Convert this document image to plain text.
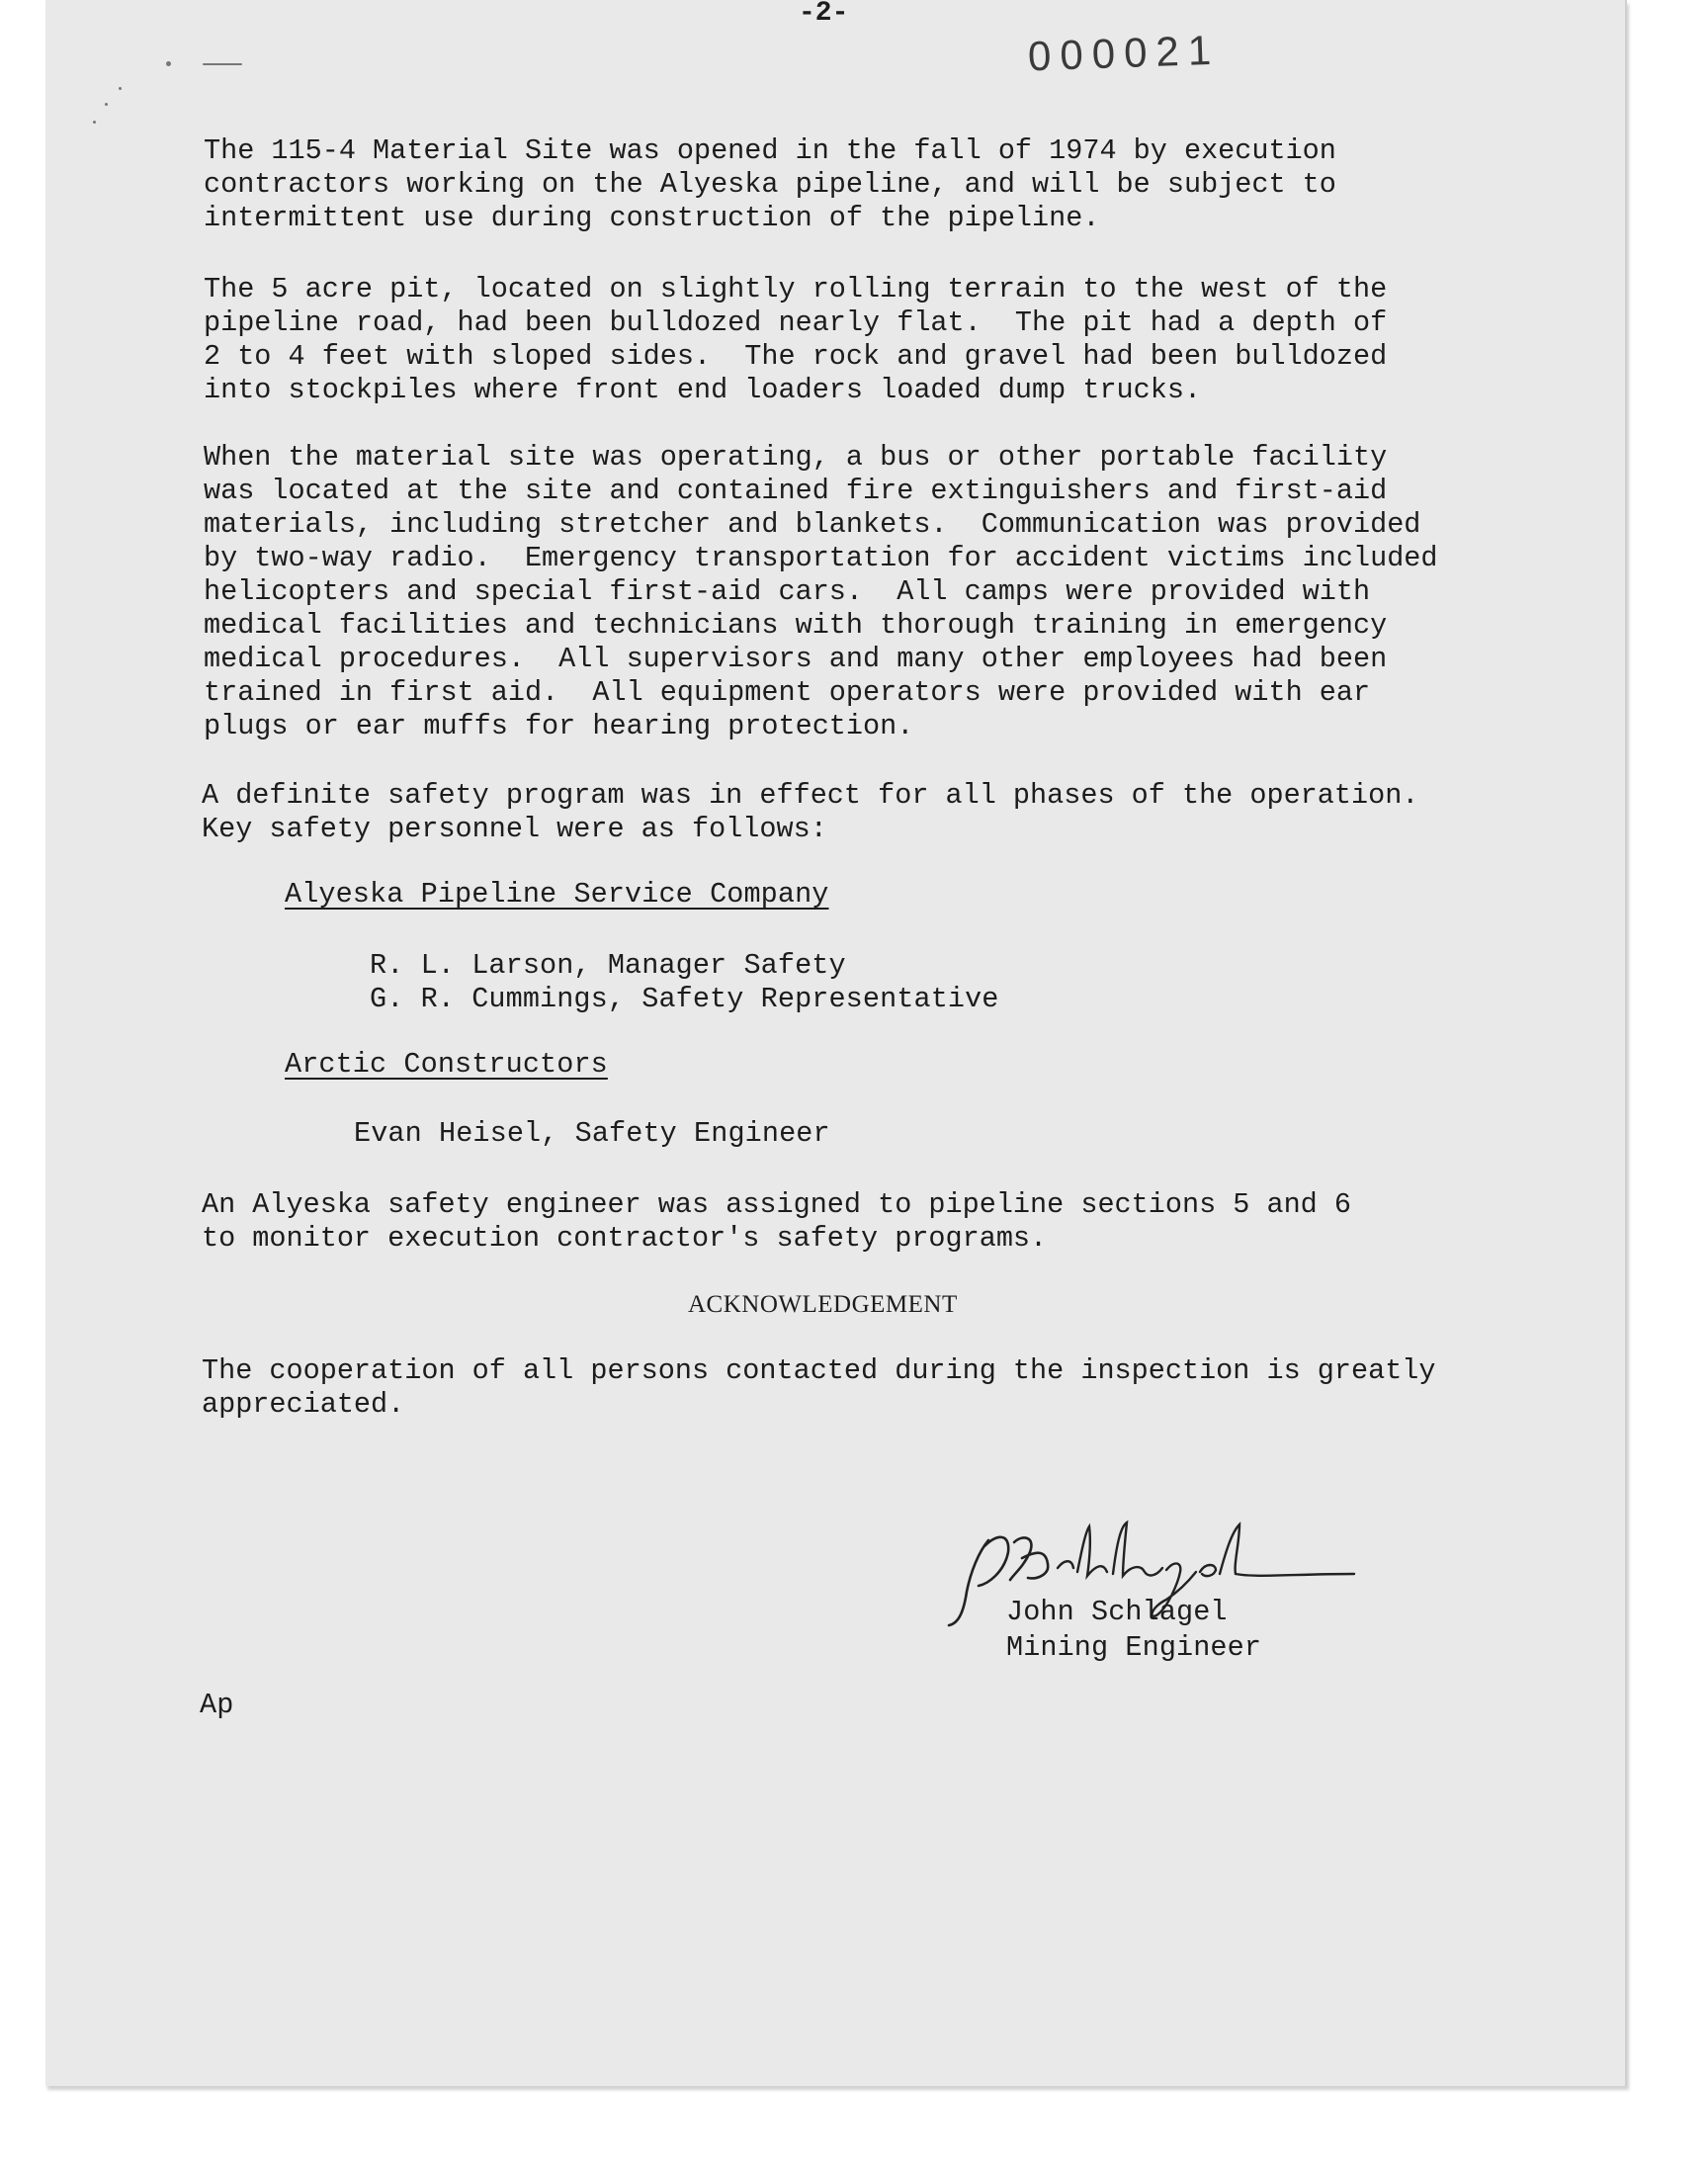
-2-
000021
The 115-4 Material Site was opened in the fall of 1974 by execution
contractors working on the Alyeska pipeline, and will be subject to
intermittent use during construction of the pipeline.
The 5 acre pit, located on slightly rolling terrain to the west of the
pipeline road, had been bulldozed nearly flat.  The pit had a depth of
2 to 4 feet with sloped sides.  The rock and gravel had been bulldozed
into stockpiles where front end loaders loaded dump trucks.
When the material site was operating, a bus or other portable facility
was located at the site and contained fire extinguishers and first-aid
materials, including stretcher and blankets.  Communication was provided
by two-way radio.  Emergency transportation for accident victims included
helicopters and special first-aid cars.  All camps were provided with
medical facilities and technicians with thorough training in emergency
medical procedures.  All supervisors and many other employees had been
trained in first aid.  All equipment operators were provided with ear
plugs or ear muffs for hearing protection.
A definite safety program was in effect for all phases of the operation.
Key safety personnel were as follows:
Alyeska Pipeline Service Company
R. L. Larson, Manager Safety
G. R. Cummings, Safety Representative
Arctic Constructors
Evan Heisel, Safety Engineer
An Alyeska safety engineer was assigned to pipeline sections 5 and 6
to monitor execution contractor's safety programs.
ACKNOWLEDGEMENT
The cooperation of all persons contacted during the inspection is greatly
appreciated.
John Schlagel
Mining Engineer
Ap
